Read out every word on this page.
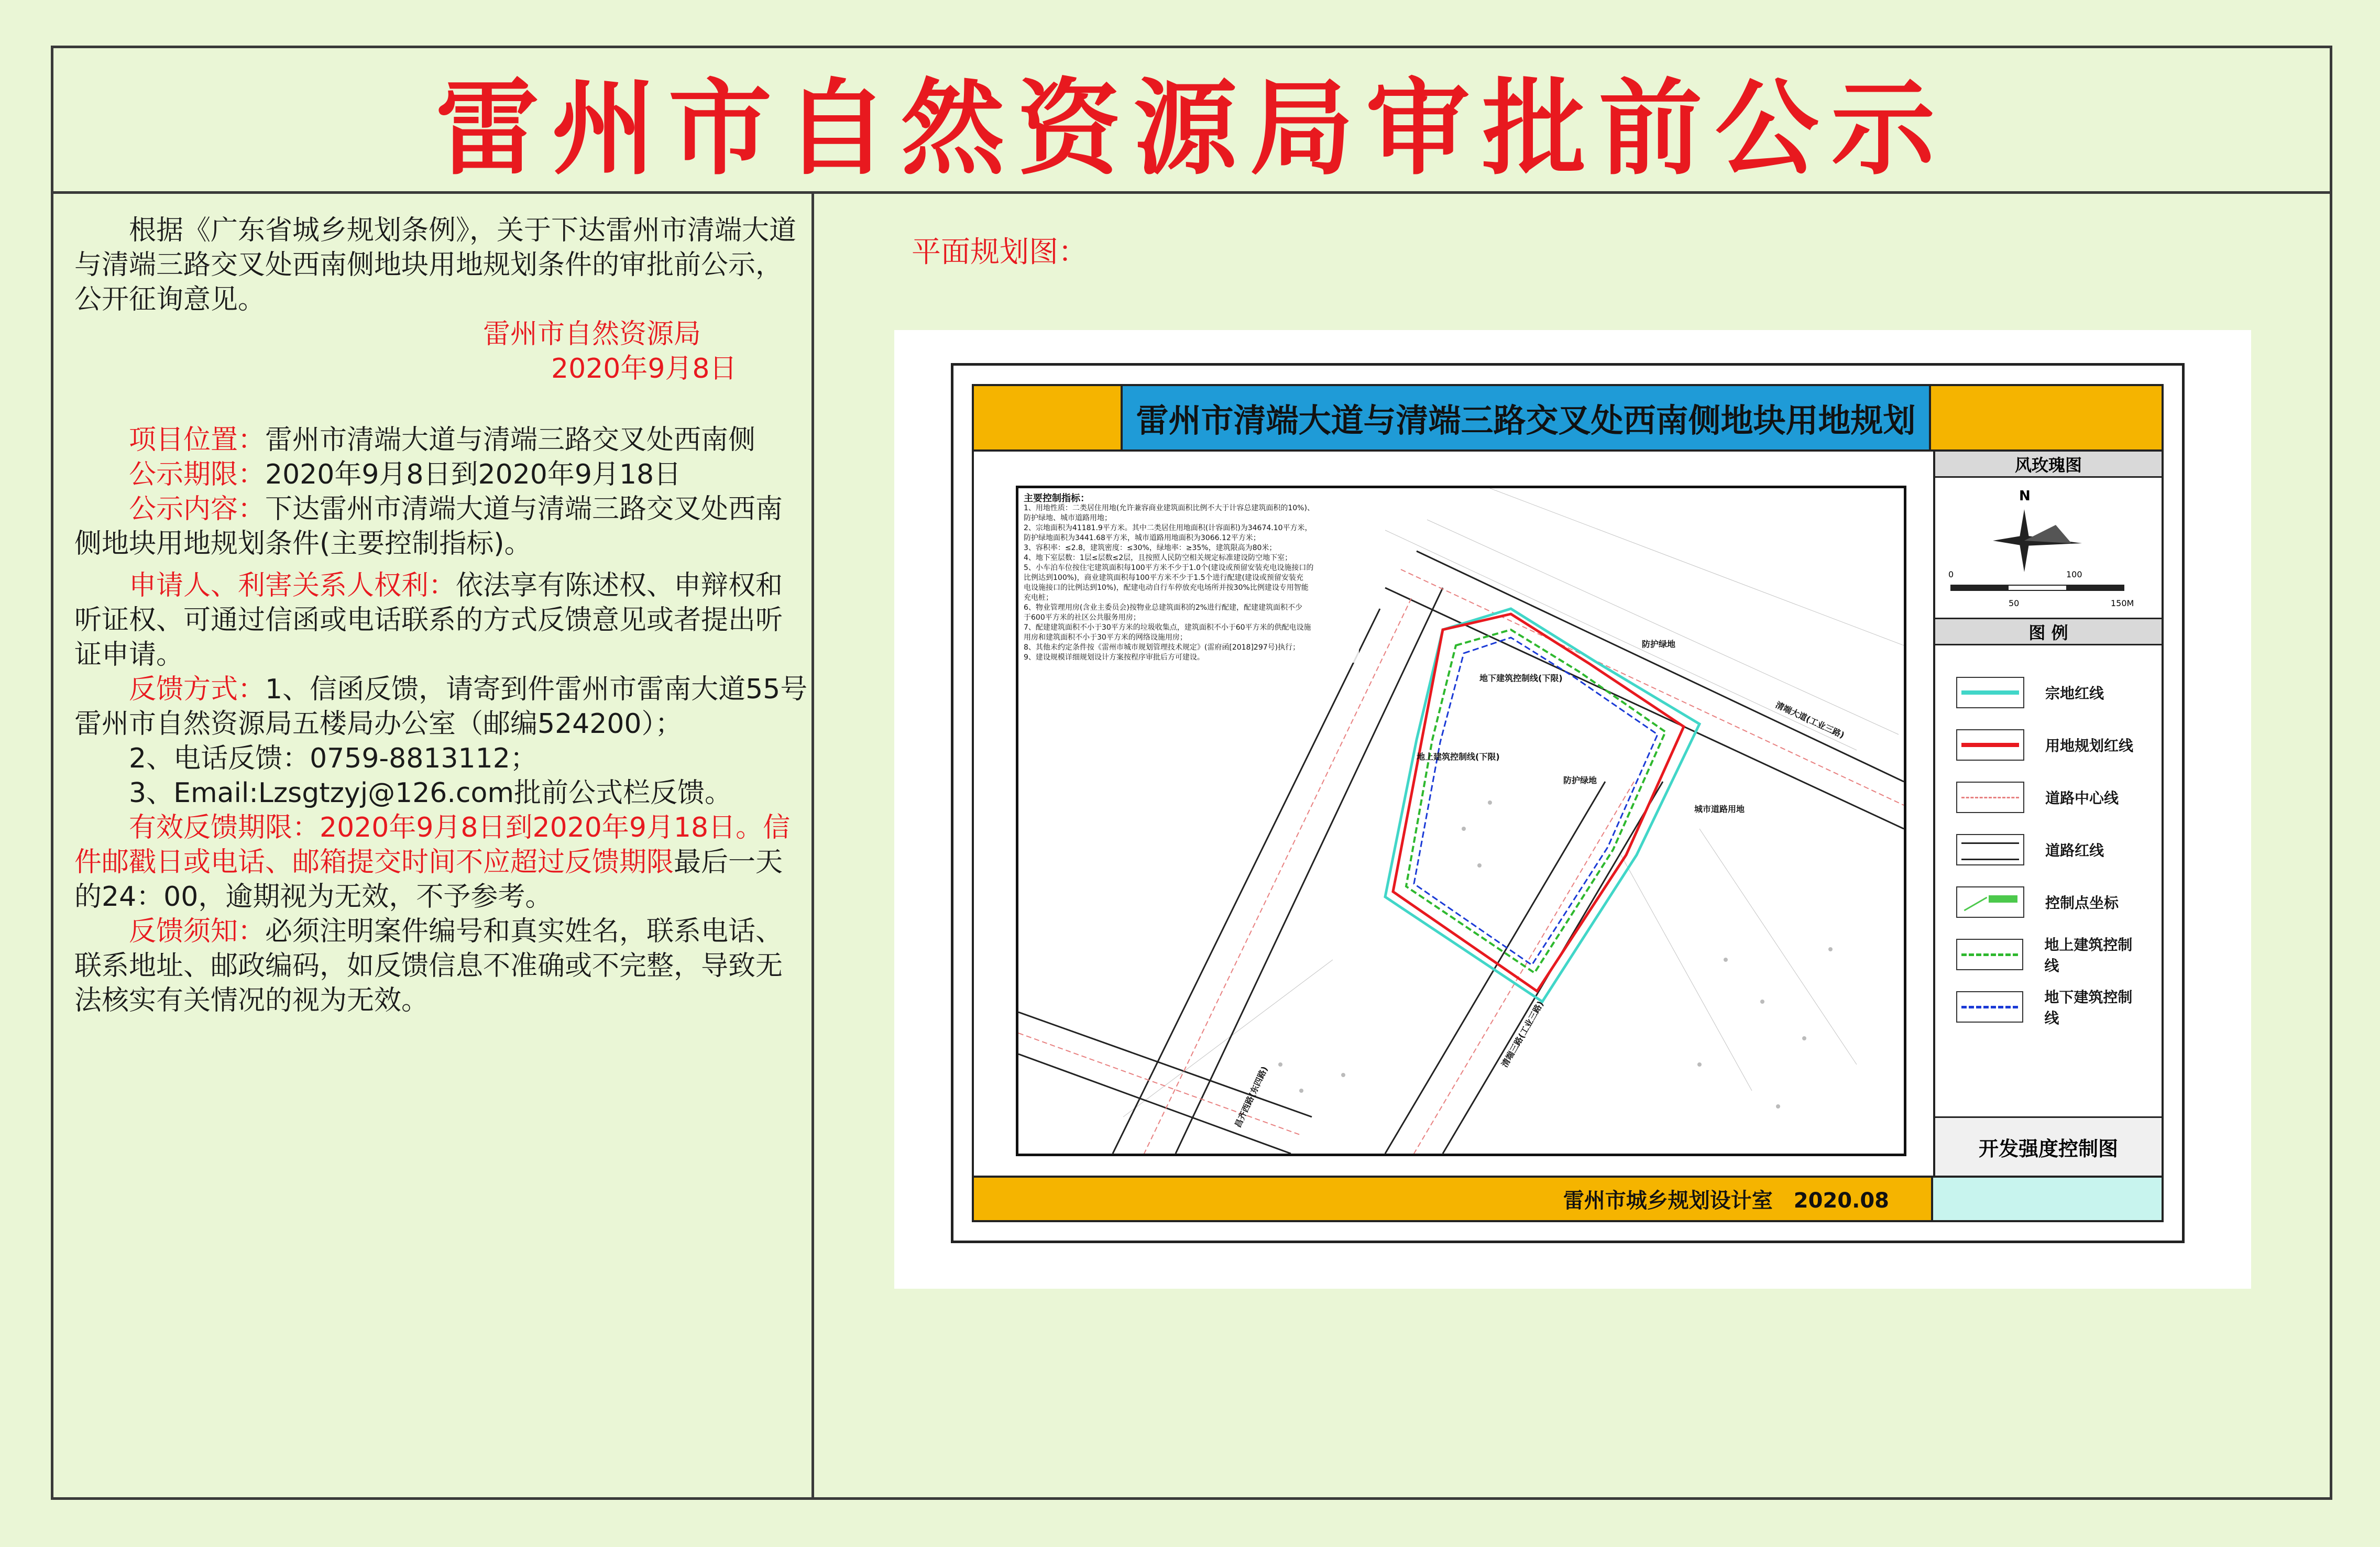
雷州市自然资源局审批前公示

根据《广东省城乡规划条例》，关于下达雷州市清端大道与清端三路交叉处西南侧地块用地规划条件的审批前公示，公开征询意见。

雷州市自然资源局

2020年9月8日

项目位置：雷州市清端大道与清端三路交叉处西南侧

公示期限：2020年9月8日到2020年9月18日

公示内容：下达雷州市清端大道与清端三路交叉处西南侧地块用地规划条件(主要控制指标)。

申请人、利害关系人权利：依法享有陈述权、申辩权和听证权、可通过信函或电话联系的方式反馈意见或者提出听证申请。

反馈方式：1、信函反馈，请寄到件雷州市雷南大道55号雷州市自然资源局五楼局办公室（邮编524200）；

2、电话反馈：0759-8813112；

3、Email:Lzsgtzyj@126.com批前公式栏反馈。

有效反馈期限：2020年9月8日到2020年9月18日。信件邮戳日或电话、邮箱提交时间不应超过反馈期限最后一天的24：00，逾期视为无效，不予参考。

反馈须知：必须注明案件编号和真实姓名，联系电话、联系地址、邮政编码，如反馈信息不准确或不完整，导致无法核实有关情况的视为无效。

平面规划图：
雷州市清端大道与清端三路交叉处西南侧地块用地规划
主要控制指标：
1、用地性质：二类居住用地(允许兼容商业建筑面积比例不大于计容总建筑面积的10%)、
防护绿地、城市道路用地；
2、宗地面积为41181.9平方米。其中二类居住用地面积(计容面积)为34674.10平方米，
防护绿地面积为3441.68平方米，城市道路用地面积为3066.12平方米；
3、容积率：≤2.8，建筑密度：≤30%，绿地率：≥35%，建筑限高为80米；
4、地下室层数：1层≤层数≤2层，且按照人民防空相关规定标准建设防空地下室；
5、小车泊车位按住宅建筑面积每100平方米不少于1.0个(建设或预留安装充电设施接口的
比例达到100%)，商业建筑面积每100平方米不少于1.5个进行配建(建设或预留安装充
电设施接口的比例达到10%)，配建电动自行车停放充电场所并按30%比例建设专用智能
充电桩；
6、物业管理用房(含业主委员会)按物业总建筑面积的2%进行配建，配建建筑面积不少
于600平方米的社区公共服务用房；
7、配建建筑面积不小于30平方米的垃圾收集点，建筑面积不小于60平方米的供配电设施
用房和建筑面积不小于30平方米的网络设施用房；
8、其他未约定条件按《雷州市城市规划管理技术规定》(雷府函[2018]297号)执行；
9、建设规模详细规划设计方案按程序审批后方可建设。
防护绿地
防护绿地
地下建筑控制线(下限)
地上建筑控制线(下限)
城市道路用地
清端大道(工业三路)
清端三路(工业三路)
昌齐西路(东四路)
风玫瑰图
N
0
50
100
150M
图 例
宗地红线
用地规划红线
道路中心线
道路红线
控制点坐标
地上建筑控制线
地下建筑控制线
开发强度控制图
雷州市城乡规划设计室　2020.08
